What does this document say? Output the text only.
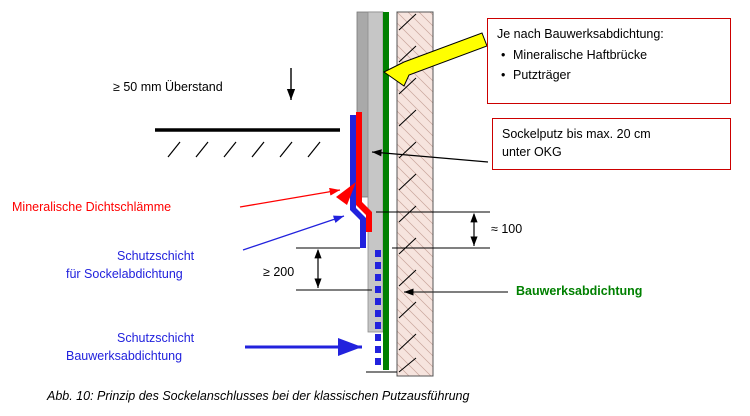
≥ 50 mm Überstand
Mineralische Dichtschlämme
Schutzschicht
für Sockelabdichtung
Schutzschicht
Bauwerksabdichtung
Bauwerksabdichtung
≥ 200
≈ 100
Je nach Bauwerksabdichtung:
• Mineralische Haftbrücke
• Putzträger
Sockelputz bis max. 20 cm
unter OKG
Abb. 10: Prinzip des Sockelanschlusses bei der klassischen Putzausführung
